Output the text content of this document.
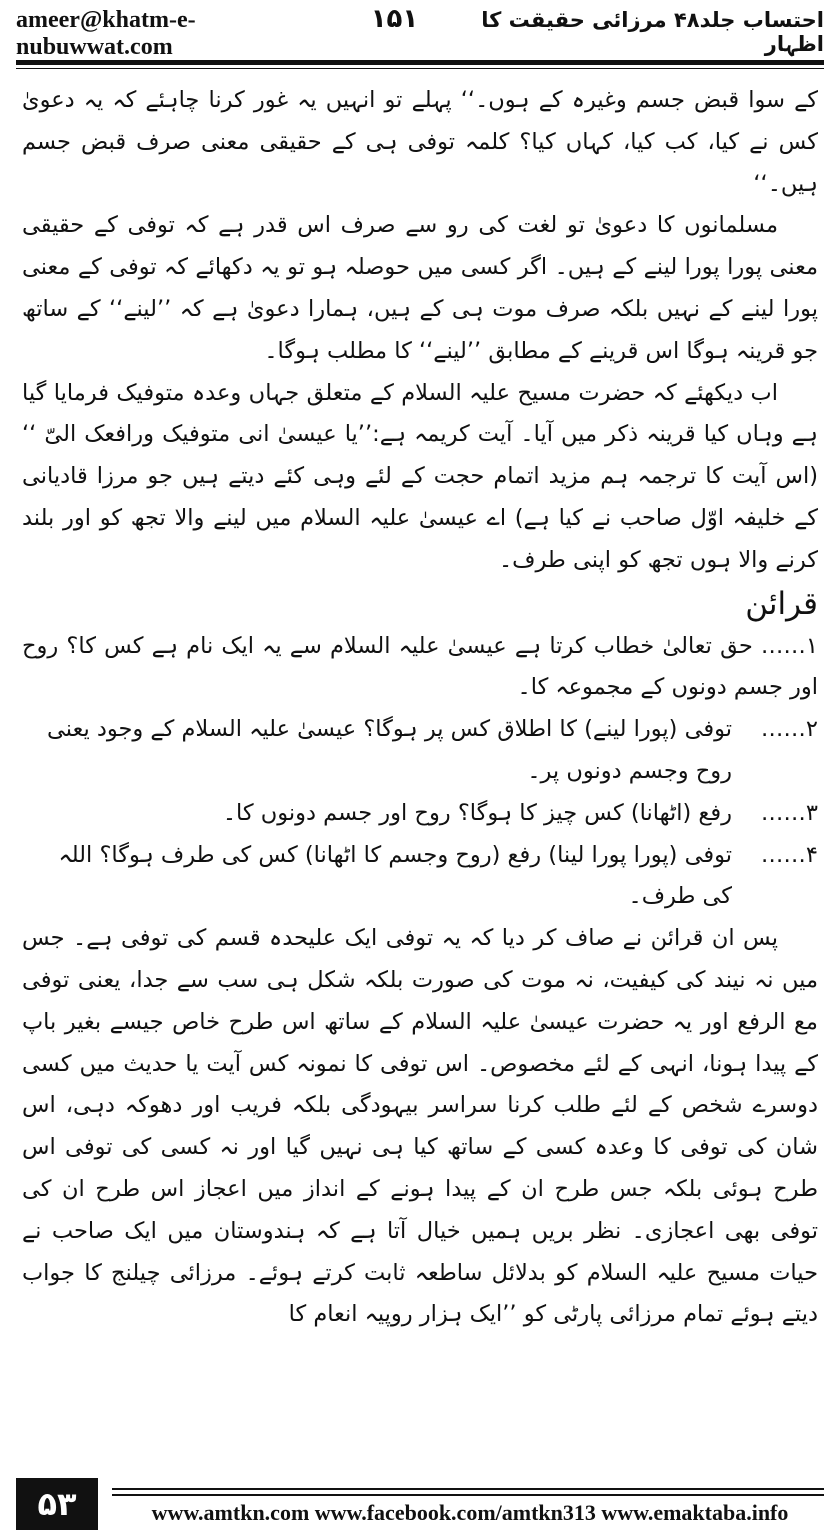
ameer@khatm-e-nubuwwat.com
۱۵۱	احتساب جلد۴۸ مرزائی حقیقت کا اظہار

کے سوا قبض جسم وغیرہ کے ہوں۔‘‘ پہلے تو انہیں یہ غور کرنا چاہئے کہ یہ دعویٰ کس نے کیا، کب کیا، کہاں کیا؟ کلمہ توفی ہی کے حقیقی معنی صرف قبض جسم ہیں۔‘‘

مسلمانوں کا دعویٰ تو لغت کی رو سے صرف اس قدر ہے کہ توفی کے حقیقی معنی پورا پورا لینے کے ہیں۔ اگر کسی میں حوصلہ ہو تو یہ دکھائے کہ توفی کے معنی پورا لینے کے نہیں بلکہ صرف موت ہی کے ہیں، ہمارا دعویٰ ہے کہ ’’لینے‘‘ کے ساتھ جو قرینہ ہوگا اس قرینے کے مطابق ’’لینے‘‘ کا مطلب ہوگا۔

اب دیکھئے کہ حضرت مسیح علیہ السلام کے متعلق جہاں وعدہ متوفیک فرمایا گیا ہے وہاں کیا قرینہ ذکر میں آیا۔ آیت کریمہ ہے:’’یا عیسیٰ انی متوفیک ورافعک الیّ ‘‘ (اس آیت کا ترجمہ ہم مزید اتمام حجت کے لئے وہی کئے دیتے ہیں جو مرزا قادیانی کے خلیفہ اوّل صاحب نے کیا ہے) اے عیسیٰ علیہ السلام میں لینے والا تجھ کو اور بلند کرنے والا ہوں تجھ کو اپنی طرف۔

قرائن

۱…… حق تعالیٰ خطاب کرتا ہے عیسیٰ علیہ السلام سے یہ ایک نام ہے کس کا؟ روح اور جسم دونوں کے مجموعہ کا۔

۲……
توفی (پورا لینے) کا اطلاق کس پر ہوگا؟ عیسیٰ علیہ السلام کے وجود یعنی روح وجسم دونوں پر۔
۳……
رفع (اٹھانا) کس چیز کا ہوگا؟ روح اور جسم دونوں کا۔
۴……
توفی (پورا پورا لینا) رفع (روح وجسم کا اٹھانا) کس کی طرف ہوگا؟ اللہ کی طرف۔

پس ان قرائن نے صاف کر دیا کہ یہ توفی ایک علیحدہ قسم کی توفی ہے۔ جس میں نہ نیند کی کیفیت، نہ موت کی صورت بلکہ شکل ہی سب سے جدا، یعنی توفی مع الرفع اور یہ حضرت عیسیٰ علیہ السلام کے ساتھ اس طرح خاص جیسے بغیر باپ کے پیدا ہونا، انہی کے لئے مخصوص۔ اس توفی کا نمونہ کس آیت یا حدیث میں کسی دوسرے شخص کے لئے طلب کرنا سراسر بیہودگی بلکہ فریب اور دھوکہ دہی، اس شان کی توفی کا وعدہ کسی کے ساتھ کیا ہی نہیں گیا اور نہ کسی کی توفی اس طرح ہوئی بلکہ جس طرح ان کے پیدا ہونے کے انداز میں اعجاز اس طرح ان کی توفی بھی اعجازی۔ نظر بریں ہمیں خیال آتا ہے کہ ہندوستان میں ایک صاحب نے حیات مسیح علیہ السلام کو بدلائل ساطعہ ثابت کرتے ہوئے۔ مرزائی چیلنج کا جواب دیتے ہوئے تمام مرزائی پارٹی کو ’’ایک ہزار روپیہ انعام کا

۵۳	www.amtkn.com www.facebook.com/amtkn313 www.emaktaba.info
